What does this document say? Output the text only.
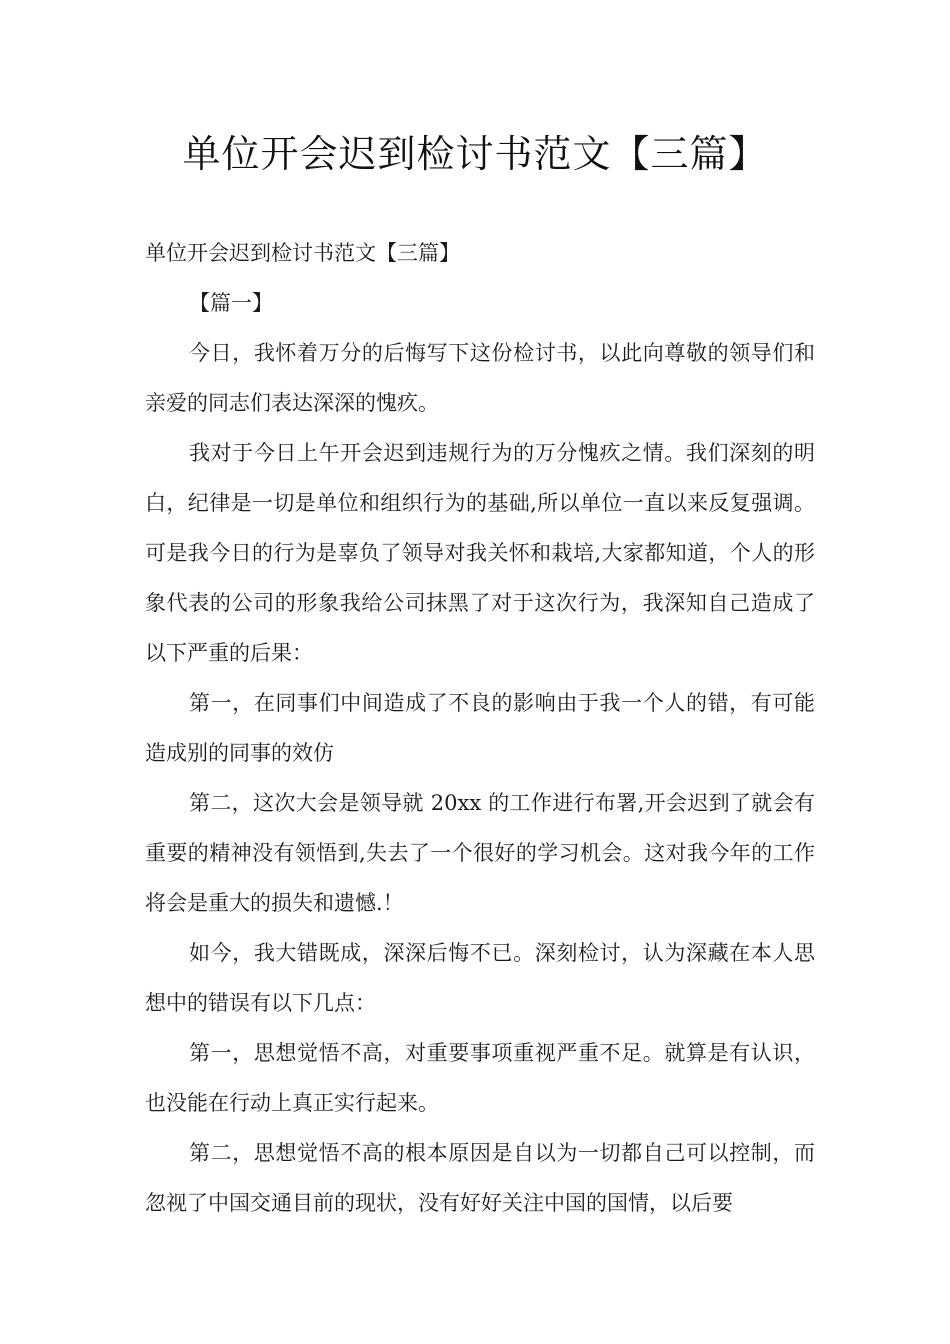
单位开会迟到检讨书范文【三篇】

单位开会迟到检讨书范文【三篇】

【篇一】

今日，我怀着万分的后悔写下这份检讨书，以此向尊敬的领导们和亲爱的同志们表达深深的愧疚。

我对于今日上午开会迟到违规行为的万分愧疚之情。我们深刻的明白，纪律是一切是单位和组织行为的基础,所以单位一直以来反复强调。可是我今日的行为是辜负了领导对我关怀和栽培,大家都知道，个人的形象代表的公司的形象我给公司抹黑了对于这次行为，我深知自己造成了以下严重的后果：

第一，在同事们中间造成了不良的影响由于我一个人的错，有可能造成别的同事的效仿

第二，这次大会是领导就 20xx 的工作进行布署,开会迟到了就会有重要的精神没有领悟到,失去了一个很好的学习机会。这对我今年的工作将会是重大的损失和遗憾.！

如今，我大错既成，深深后悔不已。深刻检讨，认为深藏在本人思想中的错误有以下几点：

第一，思想觉悟不高，对重要事项重视严重不足。就算是有认识，也没能在行动上真正实行起来。

第二，思想觉悟不高的根本原因是自以为一切都自己可以控制，而忽视了中国交通目前的现状，没有好好关注中国的国情，以后要
